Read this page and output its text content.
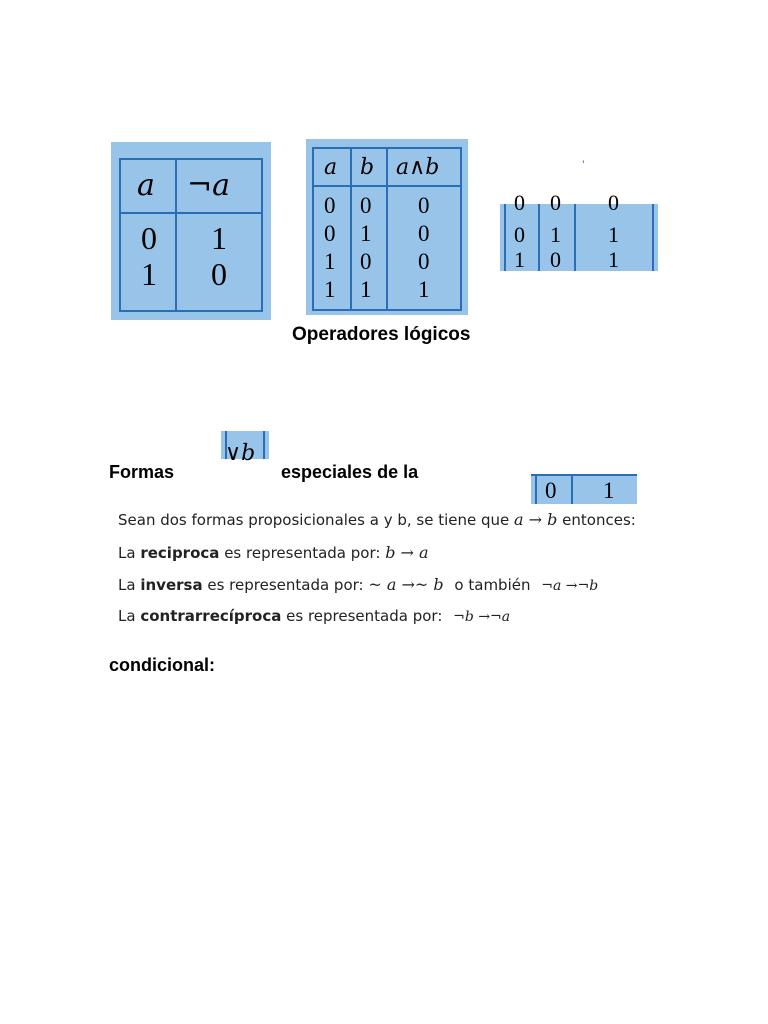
a ¬a
0 1
1 0
a b a∧b
0 0 0
0 1 0
1 0 0
1 1 1
’
0 0 0
0 1 1
1 0 1
Operadores lógicos
∨b
Formas	especiales de la
0 1
Sean dos formas proposicionales a y b, se tiene que a → b entonces:
La reciproca es representada por: b → a
La inversa es representada por: ~ a →~ b o también ¬a →¬b
La contrarrecíproca es representada por: ¬b →¬a
condicional:
